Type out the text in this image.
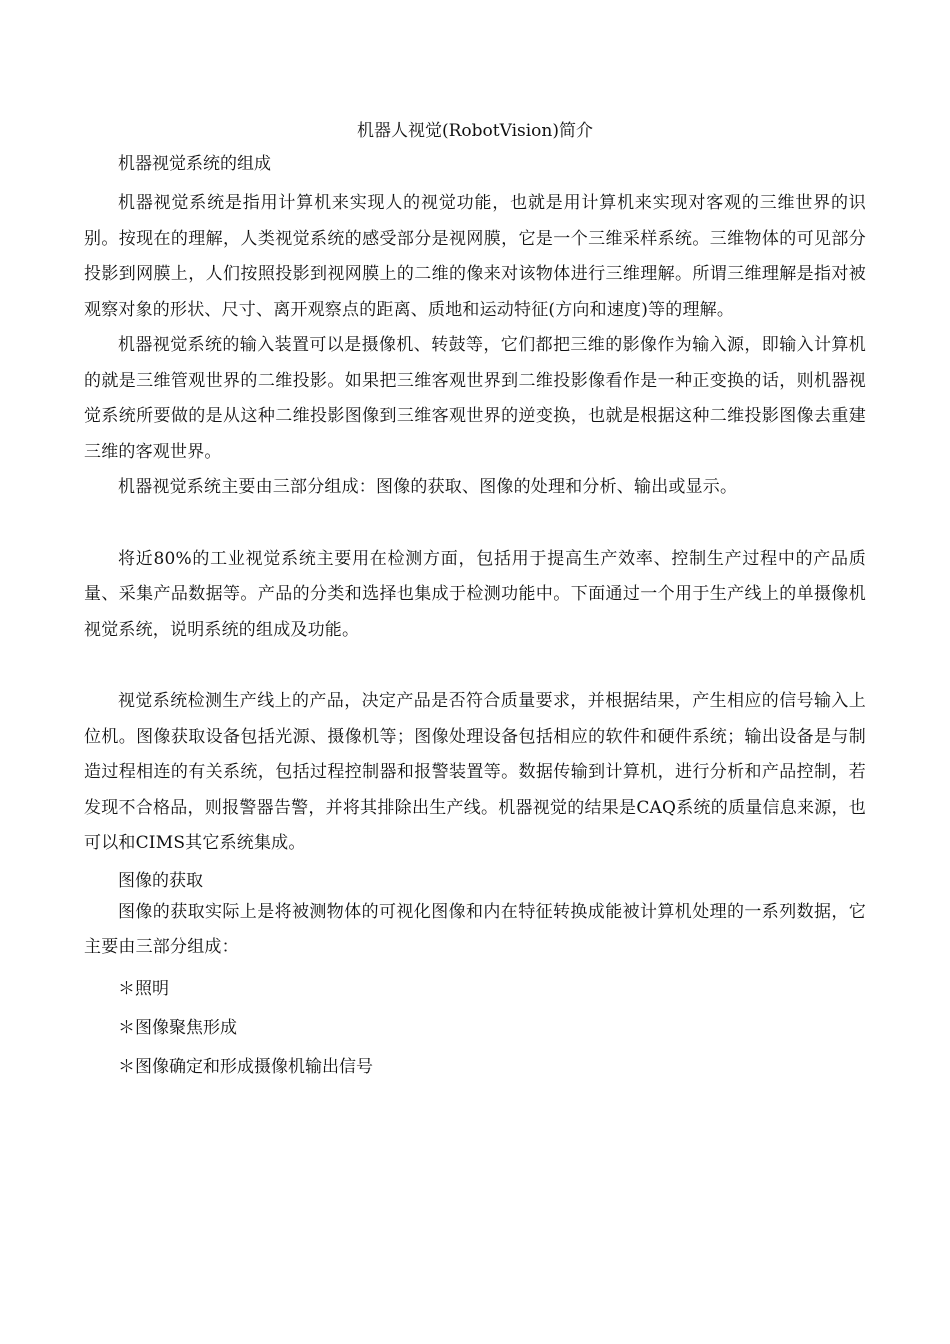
机器人视觉(RobotVision)简介
机器视觉系统的组成

机器视觉系统是指用计算机来实现人的视觉功能，也就是用计算机来实现对客观的三维世界的识别。按现在的理解，人类视觉系统的感受部分是视网膜，它是一个三维采样系统。三维物体的可见部分投影到网膜上，人们按照投影到视网膜上的二维的像来对该物体进行三维理解。所谓三维理解是指对被观察对象的形状、尺寸、离开观察点的距离、质地和运动特征(方向和速度)等的理解。

机器视觉系统的输入装置可以是摄像机、转鼓等，它们都把三维的影像作为输入源，即输入计算机的就是三维管观世界的二维投影。如果把三维客观世界到二维投影像看作是一种正变换的话，则机器视觉系统所要做的是从这种二维投影图像到三维客观世界的逆变换，也就是根据这种二维投影图像去重建三维的客观世界。

机器视觉系统主要由三部分组成：图像的获取、图像的处理和分析、输出或显示。

将近80%的工业视觉系统主要用在检测方面，包括用于提高生产效率、控制生产过程中的产品质量、采集产品数据等。产品的分类和选择也集成于检测功能中。下面通过一个用于生产线上的单摄像机视觉系统，说明系统的组成及功能。

视觉系统检测生产线上的产品，决定产品是否符合质量要求，并根据结果，产生相应的信号输入上位机。图像获取设备包括光源、摄像机等；图像处理设备包括相应的软件和硬件系统；输出设备是与制造过程相连的有关系统，包括过程控制器和报警装置等。数据传输到计算机，进行分析和产品控制，若发现不合格品，则报警器告警，并将其排除出生产线。机器视觉的结果是CAQ系统的质量信息来源，也可以和CIMS其它系统集成。

图像的获取

图像的获取实际上是将被测物体的可视化图像和内在特征转换成能被计算机处理的一系列数据，它主要由三部分组成：

＊照明
＊图像聚焦形成
＊图像确定和形成摄像机输出信号
